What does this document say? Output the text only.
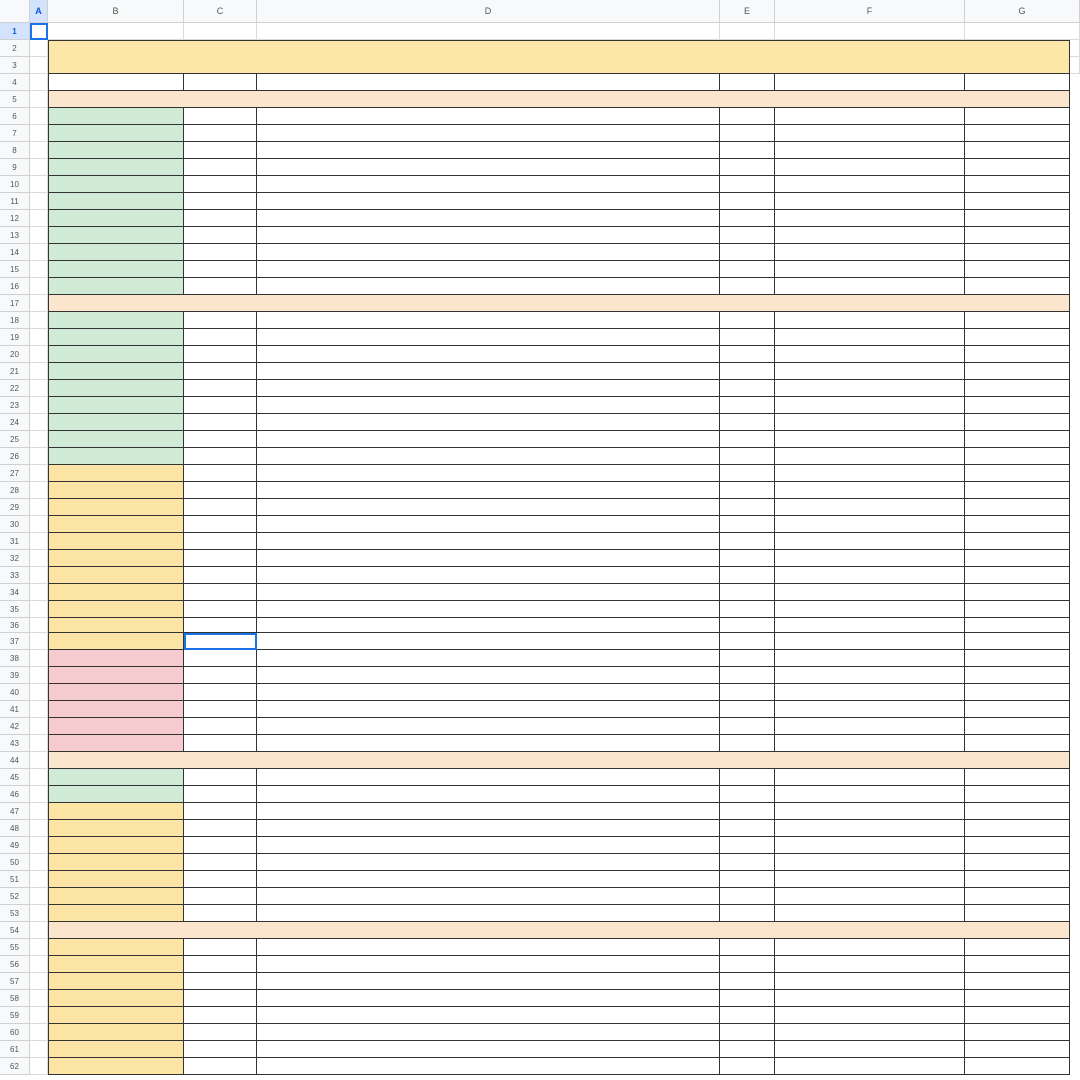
A	B	C	D	E	F	G
1
2
3
4
5
6
7
8
9
10
11
12
13
14
15
16
17
18
19
20
21
22
23
24
25
26
27
28
29
30
31
32
33
34
35
36
37
38
39
40
41
42
43
44
45
46
47
48
49
50
51
52
53
54
55
56
57
58
59
60
61
62
